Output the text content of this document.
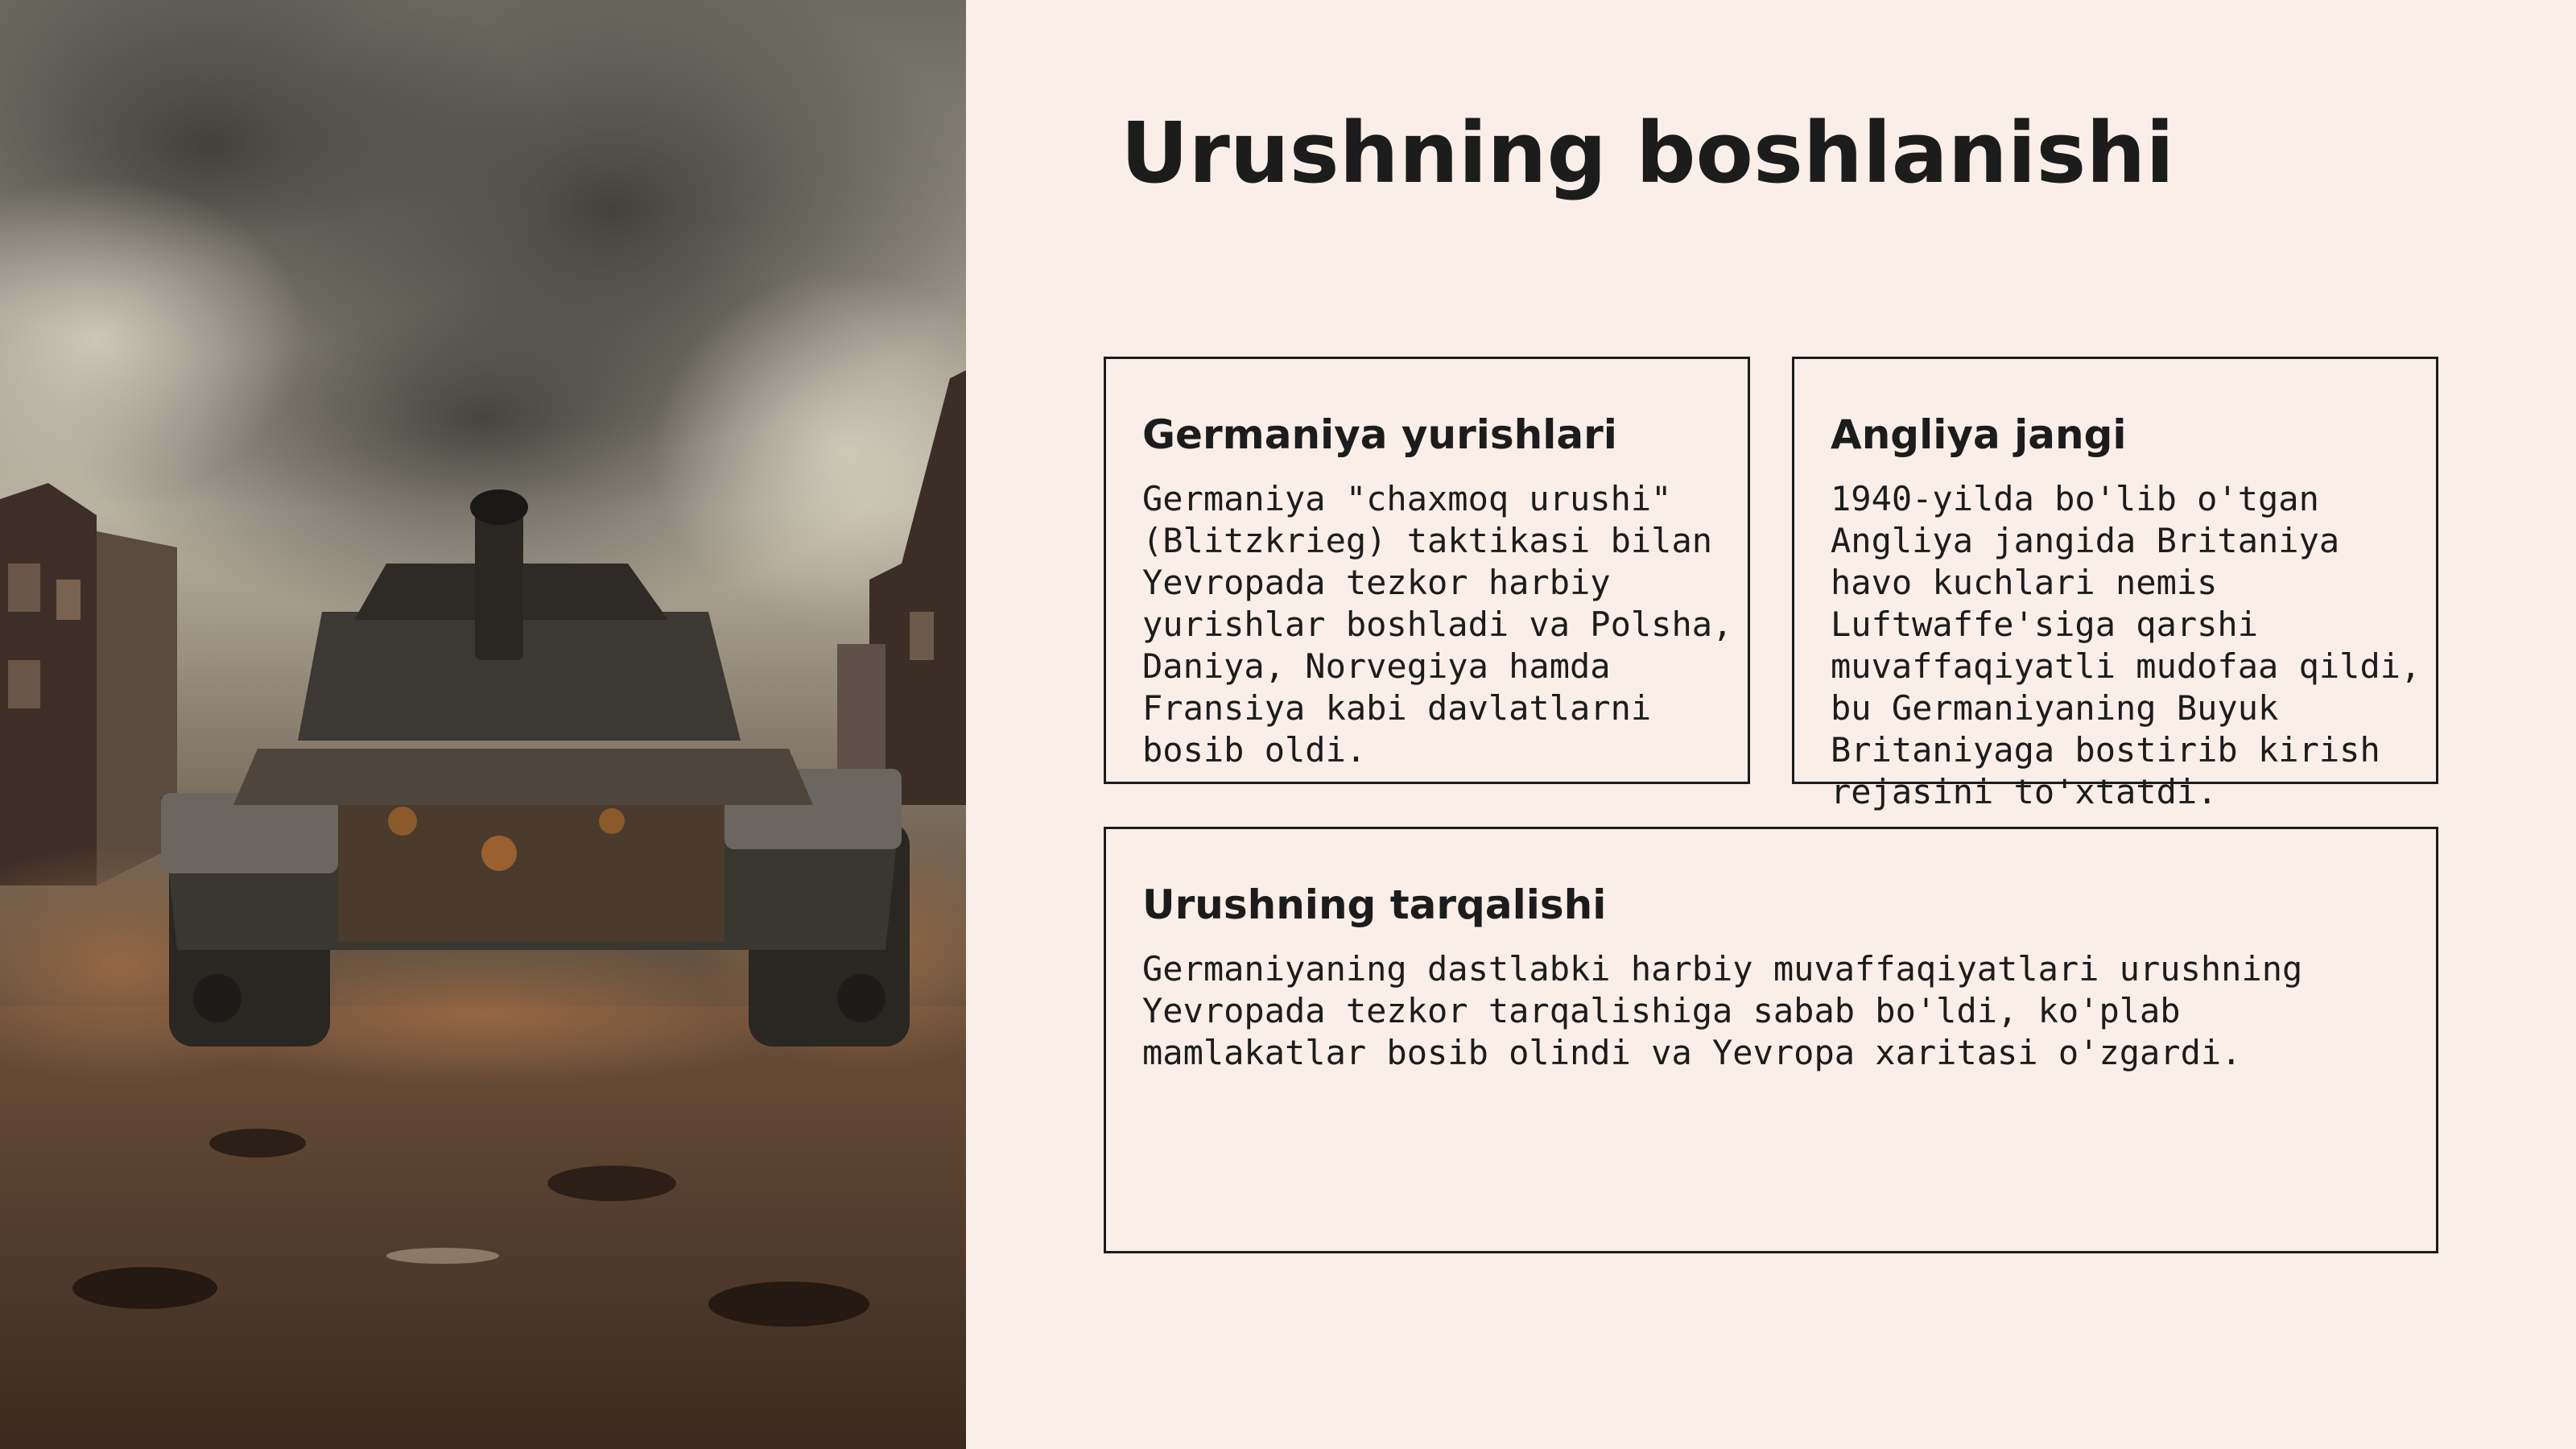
Urushning boshlanishi
Germaniya yurishlari

Germaniya "chaxmoq urushi" (Blitzkrieg) taktikasi bilan Yevropada tezkor harbiy yurishlar boshladi va Polsha, Daniya, Norvegiya hamda Fransiya kabi davlatlarni bosib oldi.

Angliya jangi

1940-yilda bo'lib o'tgan Angliya jangida Britaniya havo kuchlari nemis Luftwaffe'siga qarshi muvaffaqiyatli mudofaa qildi, bu Germaniyaning Buyuk Britaniyaga bostirib kirish rejasini to'xtatdi.

Urushning tarqalishi

Germaniyaning dastlabki harbiy muvaffaqiyatlari urushning Yevropada tezkor tarqalishiga sabab bo'ldi, ko'plab mamlakatlar bosib olindi va Yevropa xaritasi o'zgardi.
